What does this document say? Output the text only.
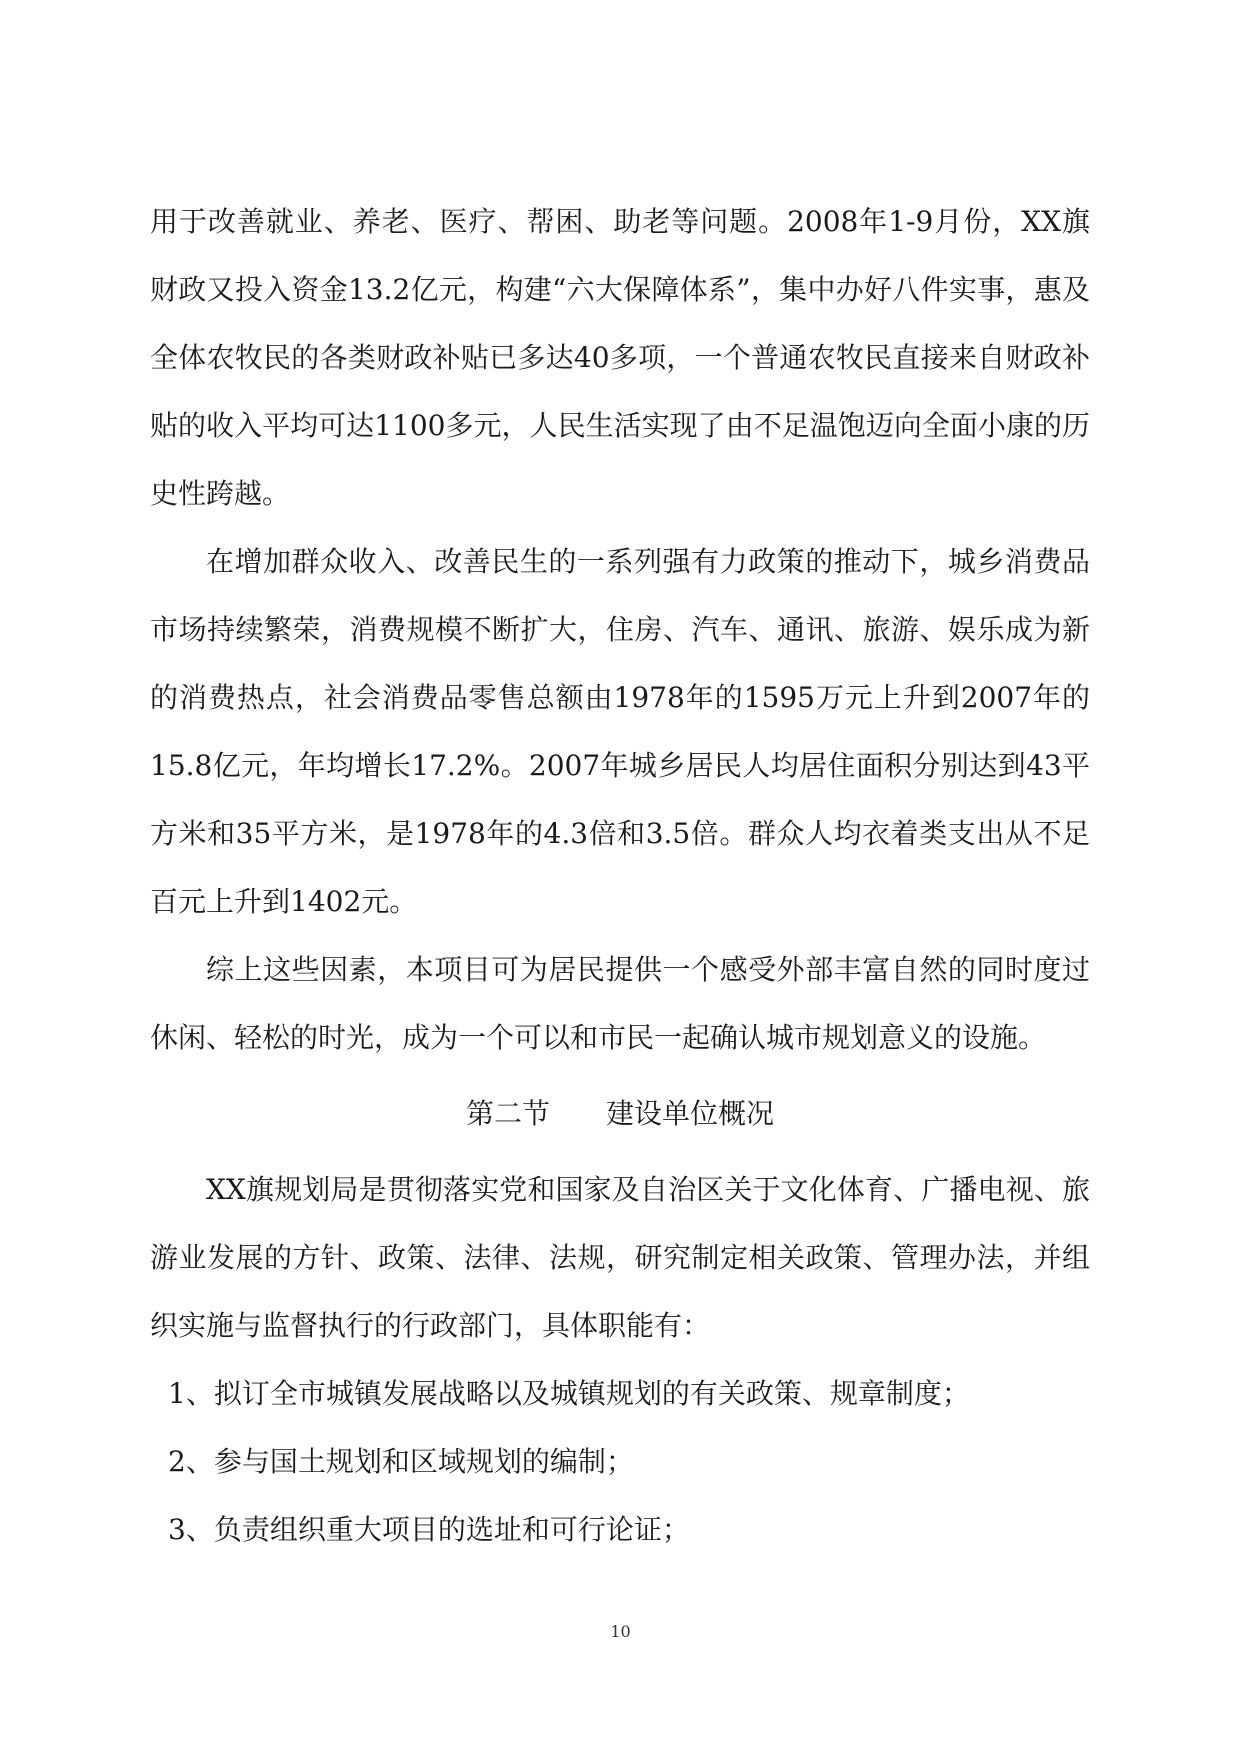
用于改善就业、养老、医疗、帮困、助老等问题。2008年1-9月份，XX旗财政又投入资金13.2亿元，构建“六大保障体系”，集中办好八件实事，惠及全体农牧民的各类财政补贴已多达40多项，一个普通农牧民直接来自财政补贴的收入平均可达1100多元，人民生活实现了由不足温饱迈向全面小康的历史性跨越。

在增加群众收入、改善民生的一系列强有力政策的推动下，城乡消费品市场持续繁荣，消费规模不断扩大，住房、汽车、通讯、旅游、娱乐成为新的消费热点，社会消费品零售总额由1978年的1595万元上升到2007年的15.8亿元，年均增长17.2%。2007年城乡居民人均居住面积分别达到43平方米和35平方米，是1978年的4.3倍和3.5倍。群众人均衣着类支出从不足百元上升到1402元。

综上这些因素，本项目可为居民提供一个感受外部丰富自然的同时度过休闲、轻松的时光，成为一个可以和市民一起确认城市规划意义的设施。

第二节 建设单位概况

XX旗规划局是贯彻落实党和国家及自治区关于文化体育、广播电视、旅游业发展的方针、政策、法律、法规，研究制定相关政策、管理办法，并组织实施与监督执行的行政部门，具体职能有：

1、拟订全市城镇发展战略以及城镇规划的有关政策、规章制度；

2、参与国土规划和区域规划的编制；

3、负责组织重大项目的选址和可行论证；

10
